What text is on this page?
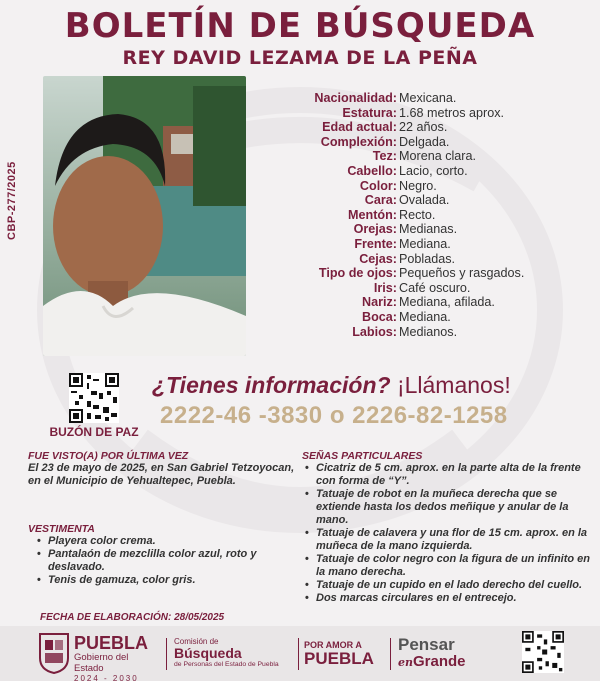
BOLETÍN DE BÚSQUEDA
REY DAVID LEZAMA DE LA PEÑA
CBP-277/2025
Nacionalidad: Mexicana.
Estatura: 1.68 metros aprox.
Edad actual: 22 años.
Complexión: Delgada.
Tez: Morena clara.
Cabello: Lacio, corto.
Color: Negro.
Cara: Ovalada.
Mentón: Recto.
Orejas: Medianas.
Frente: Mediana.
Cejas: Pobladas.
Tipo de ojos: Pequeños y rasgados.
Iris: Café oscuro.
Nariz: Mediana, afilada.
Boca: Mediana.
Labios: Medianos.
BUZÓN DE PAZ
¿Tienes información? ¡Llámanos!
2222-46 -3830 o 2226-82-1258
FUE VISTO(A) POR ÚLTIMA VEZ
El 23 de mayo de 2025, en San Gabriel Tetzoyocan, en el Municipio de Yehualtepec, Puebla.
VESTIMENTA
• Playera color crema.
• Pantalaón de mezclilla color azul, roto y deslavado.
• Tenis de gamuza, color gris.
SEÑAS PARTICULARES
• Cicatriz de 5 cm. aprox. en la parte alta de la frente con forma de “Y”.
• Tatuaje de robot en la muñeca derecha que se extiende hasta los dedos meñique y anular de la mano.
• Tatuaje de calavera y una flor de 15 cm. aprox. en la muñeca de la mano izquierda.
• Tatuaje de color negro con la figura de un infinito en la mano derecha.
• Tatuaje de un cupido en el lado derecho del cuello.
• Dos marcas circulares en el entrecejo.
FECHA DE ELABORACIÓN: 28/05/2025
PUEBLA
Gobierno del Estado
2024 - 2030
Comisión de
Búsqueda
de Personas del Estado de Puebla
POR AMOR A
PUEBLA
Pensar
enGrande
